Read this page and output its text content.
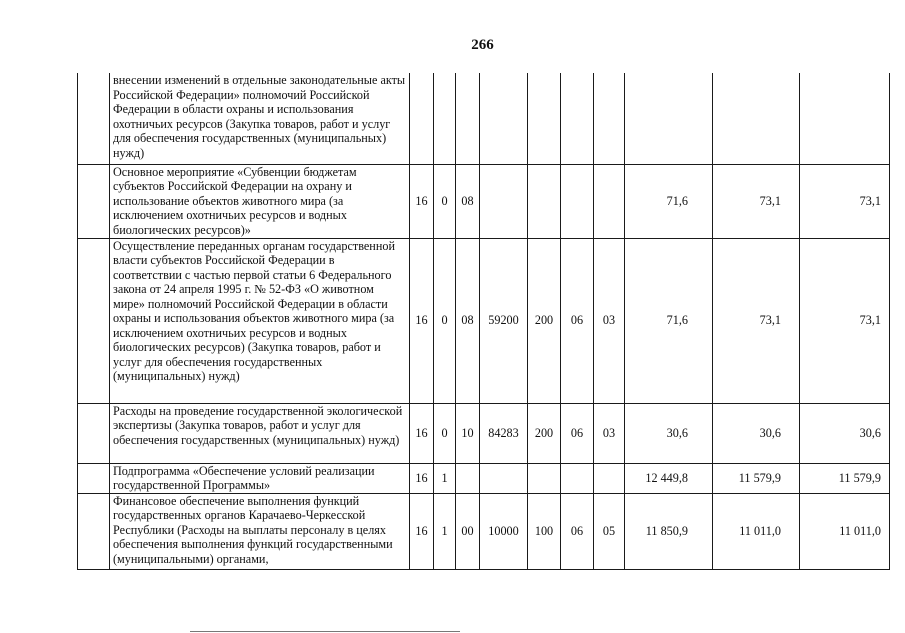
266
	внесении изменений в отдельные законодательные акты Российской Федерации» полномочий Российской Федерации в области охраны и использования охотничьих ресурсов (Закупка товаров, работ и услуг для обеспечения государственных (муниципальных) нужд)										
	Основное мероприятие «Субвенции бюджетам субъектов Российской Федерации на охрану и использование объектов животного мира (за исключением охотничьих ресурсов и водных биологических ресурсов)»	16	0	08					71,6	73,1	73,1
	Осуществление переданных органам государственной власти субъектов Российской Федерации в соответствии с частью первой статьи 6 Федерального закона от 24 апреля 1995 г. № 52-ФЗ «О животном мире» полномочий Российской Федерации в области охраны и использования объектов животного мира (за исключением охотничьих ресурсов и водных биологических ресурсов) (Закупка товаров, работ и услуг для обеспечения государственных (муниципальных) нужд)	16	0	08	59200	200	06	03	71,6	73,1	73,1
	Расходы на проведение государственной экологической экспертизы (Закупка товаров, работ и услуг для обеспечения государственных (муниципальных) нужд)	16	0	10	84283	200	06	03	30,6	30,6	30,6
	Подпрограмма «Обеспечение условий реализации государственной Программы»	16	1						12 449,8	11 579,9	11 579,9
	Финансовое обеспечение выполнения функций государственных органов Карачаево-Черкесской Республики (Расходы на выплаты персоналу в целях обеспечения выполнения функций государственными (муниципальными) органами,	16	1	00	10000	100	06	05	11 850,9	11 011,0	11 011,0
